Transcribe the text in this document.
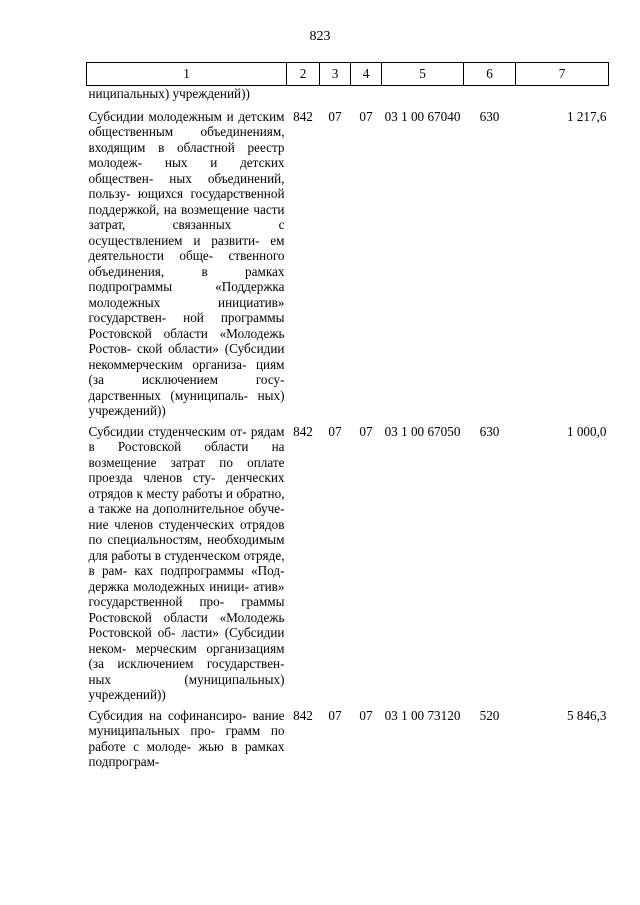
823
1	2	3	4	5	6	7
ниципальных) учреждений))						
Субсидии молодежным и детским общественным объединениям, входящим в областной реестр молодеж- ных и детских обществен- ных объединений, пользу- ющихся государственной поддержкой, на возмещение части затрат, связанных с осуществлением и развити- ем деятельности обще- ственного объединения, в рамках подпрограммы «Поддержка молодежных инициатив» государствен- ной программы Ростовской области «Молодежь Ростов- ской области» (Субсидии некоммерческим организа- циям (за исключением госу- дарственных (муниципаль- ных) учреждений))	842	07	07	03 1 00 67040	630	1 217,6
Субсидии студенческим от- рядам в Ростовской области на возмещение затрат по оплате проезда членов сту- денческих отрядов к месту работы и обратно, а также на дополнительное обуче- ние членов студенческих отрядов по специальностям, необходимым для работы в студенческом отряде, в рам- ках подпрограммы «Под- держка молодежных иници- атив» государственной про- граммы Ростовской области «Молодежь Ростовской об- ласти» (Субсидии неком- мерческим организациям (за исключением государствен- ных (муниципальных) учреждений))	842	07	07	03 1 00 67050	630	1 000,0
Субсидия на софинансиро- вание муниципальных про- грамм по работе с молоде- жью в рамках подпрограм-	842	07	07	03 1 00 73120	520	5 846,3
